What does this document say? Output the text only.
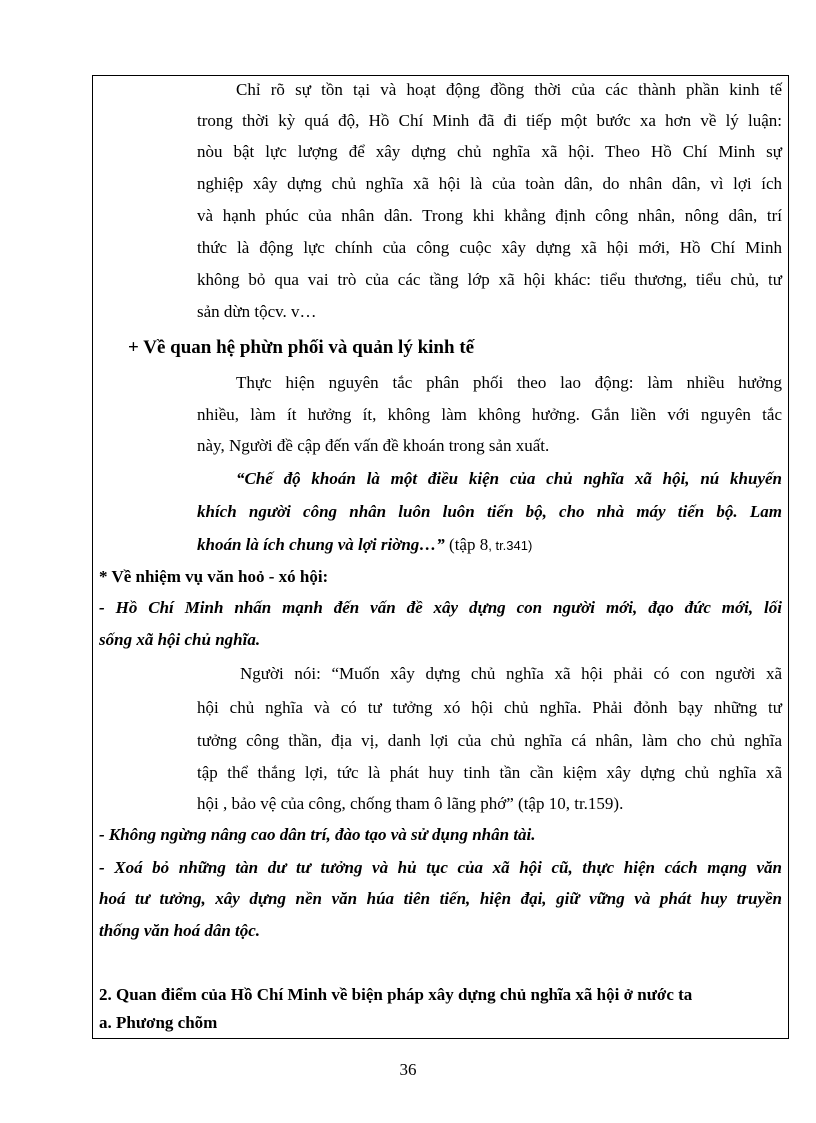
Chỉ rõ sự tồn tại và hoạt động đồng thời của các thành phần kinh tế
trong thời kỳ quá độ, Hồ Chí Minh đã đi tiếp một bước xa hơn về lý luận:
nòu bật lực lượng để xây dựng chủ nghĩa xã hội. Theo Hồ Chí Minh sự
nghiệp xây dựng chủ nghĩa xã hội là của toàn dân, do nhân dân, vì lợi ích
và hạnh phúc của nhân dân. Trong khi khẳng định công nhân, nông dân, trí
thức là động lực chính của công cuộc xây dựng xã hội mới, Hồ Chí Minh
không bỏ qua vai trò của các tầng lớp xã hội khác: tiểu thương, tiểu chủ, tư
sản dừn tộcv. v…
+ Về quan hệ phừn phối và quản lý kinh tế
Thực hiện nguyên tắc phân phối theo lao động: làm nhiều hưởng
nhiều, làm ít hưởng ít, không làm không hưởng. Gắn liền với nguyên tắc
này, Người đề cập đến vấn đề khoán trong sản xuất.
“Chế độ khoán là một điều kiện của chủ nghĩa xã hội, nú khuyến
khích người công nhân luôn luôn tiến bộ, cho nhà máy tiến bộ. Lam
khoán là ích chung và lợi riờng…” (tập 8, tr.341)
* Về nhiệm vụ văn hoỏ - xó hội:
- Hồ Chí Minh nhấn mạnh đến vấn đề xây dựng con người mới, đạo đức mới, lối
sống xã hội chủ nghĩa.
Người nói: “Muốn xây dựng chủ nghĩa xã hội phải có con người xã
hội chủ nghĩa và có tư tưởng xó hội chủ nghĩa. Phải đỏnh bạy những tư
tưởng công thần, địa vị, danh lợi của chủ nghĩa cá nhân, làm cho chủ nghĩa
tập thể thắng lợi, tức là phát huy tinh tần cần kiệm xây dựng chủ nghĩa xã
hội , bảo vệ của công, chống tham ô lãng phớ” (tập 10, tr.159).
- Không ngừng nâng cao dân trí, đào tạo và sử dụng nhân tài.
- Xoá bỏ những tàn dư tư tưởng và hủ tục của xã hội cũ, thực hiện cách mạng văn
hoá tư tưởng, xây dựng nền văn húa tiên tiến, hiện đại, giữ vững và phát huy truyền
thống văn hoá dân tộc.
2. Quan điểm của Hồ Chí Minh về biện pháp xây dựng chủ nghĩa xã hội ở nước ta
a. Phương chõm
36
